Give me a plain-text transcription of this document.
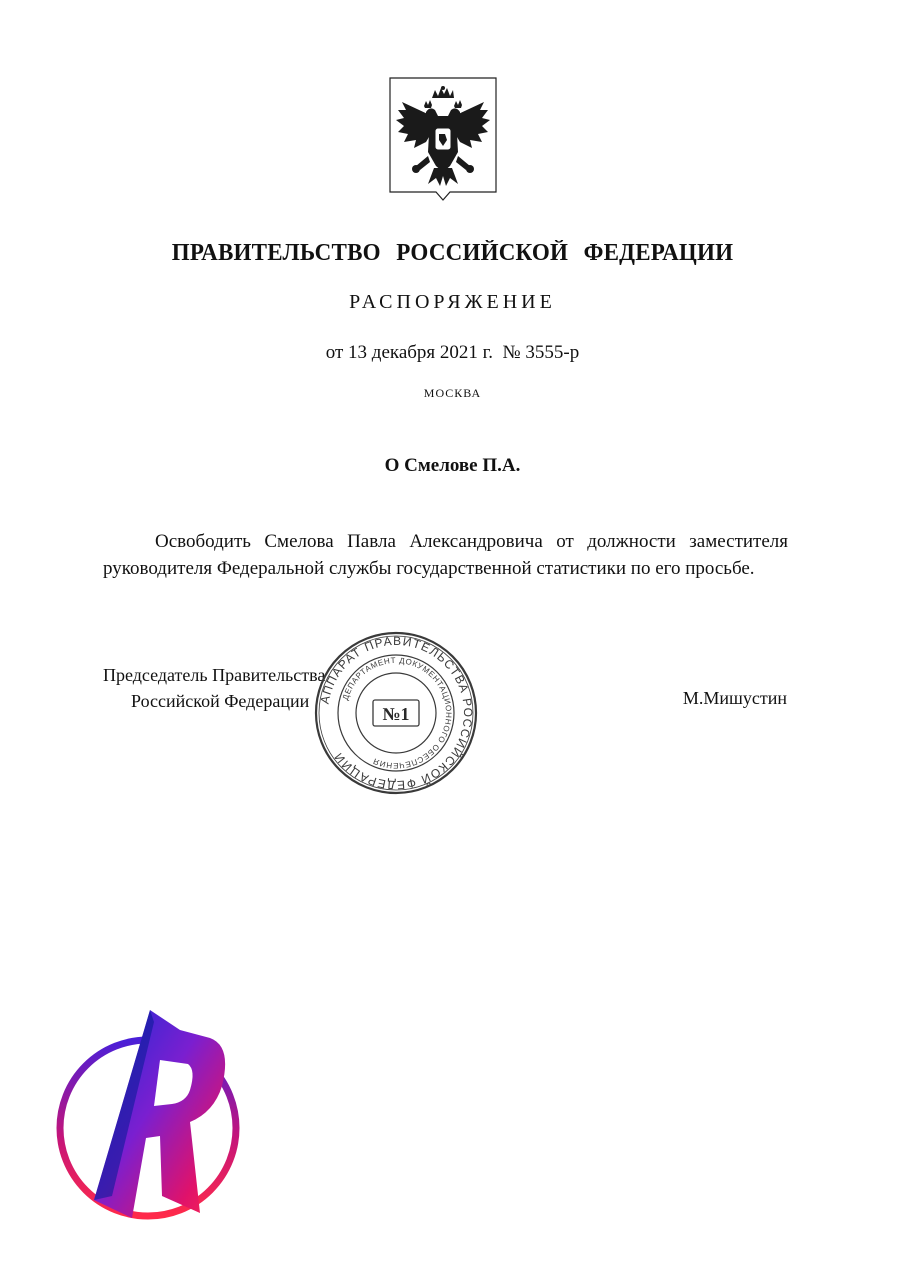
ПРАВИТЕЛЬСТВО РОССИЙСКОЙ ФЕДЕРАЦИИ
РАСПОРЯЖЕНИЕ
от 13 декабря 2021 г.  № 3555-р
МОСКВА
О Смелове П.А.
Освободить Смелова Павла Александровича от должности заместителя руководителя Федеральной службы государственной статистики по его просьбе.
Председатель Правительства
Российской Федерации	М.Мишустин
АППАРАТ ПРАВИТЕЛЬСТВА РОССИЙСКОЙ ФЕДЕРАЦИИ
ДЕПАРТАМЕНТ ДОКУМЕНТАЦИОННОГО ОБЕСПЕЧЕНИЯ
№1
